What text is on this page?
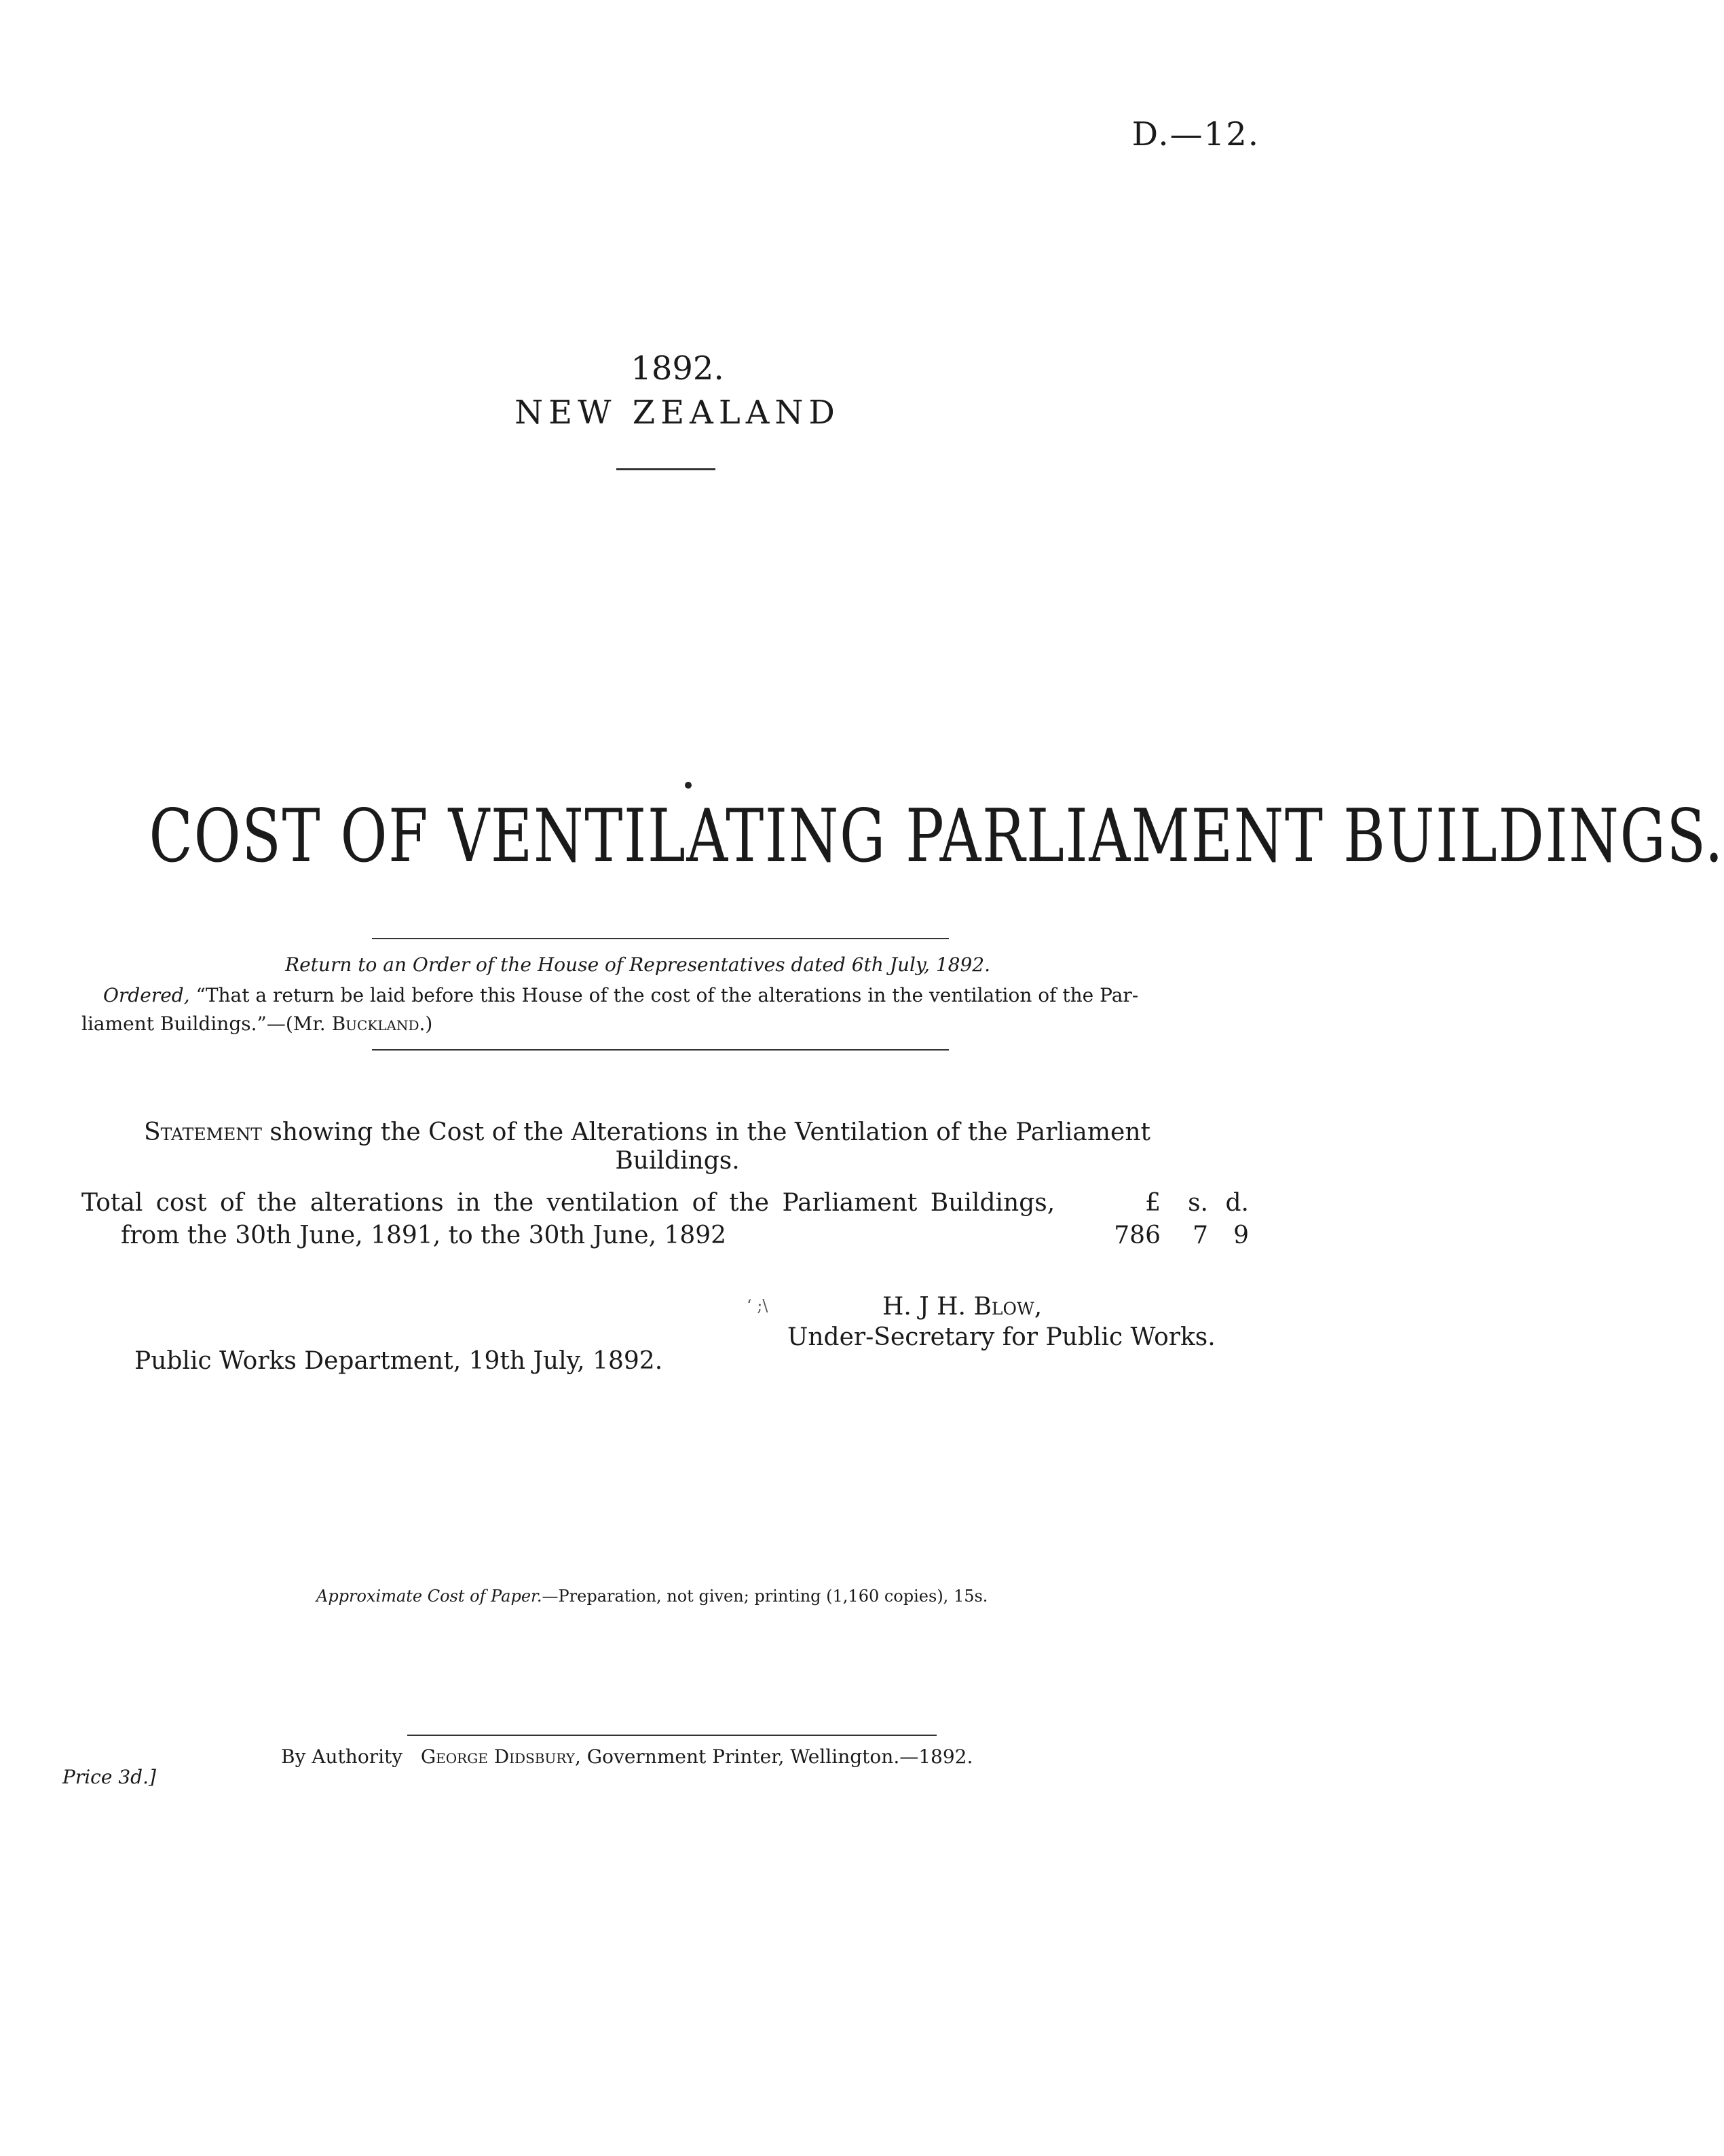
D.—12.
1892.
NEW ZEALAND
COST OF VENTILATING PARLIAMENT BUILDINGS.
Return to an Order of the House of Representatives dated 6th July, 1892.
Ordered, “That a return be laid before this House of the cost of the alterations in the ventilation of the Par-
liament Buildings.”—(Mr. Buckland.)
Statement showing the Cost of the Alterations in the Ventilation of the Parliament
Buildings.
Total cost of the alterations in the ventilation of the Parliament Buildings,
from the 30th June, 1891, to the 30th June, 1892
£ s. d.
786 7 9
‘ ;\	H. J H. Blow,
Under-Secretary for Public Works.
Public Works Department, 19th July, 1892.
Approximate Cost of Paper.—Preparation, not given; printing (1,160 copies), 15s.
By Authority George Didsbury, Government Printer, Wellington.—1892.
Price 3d.]
